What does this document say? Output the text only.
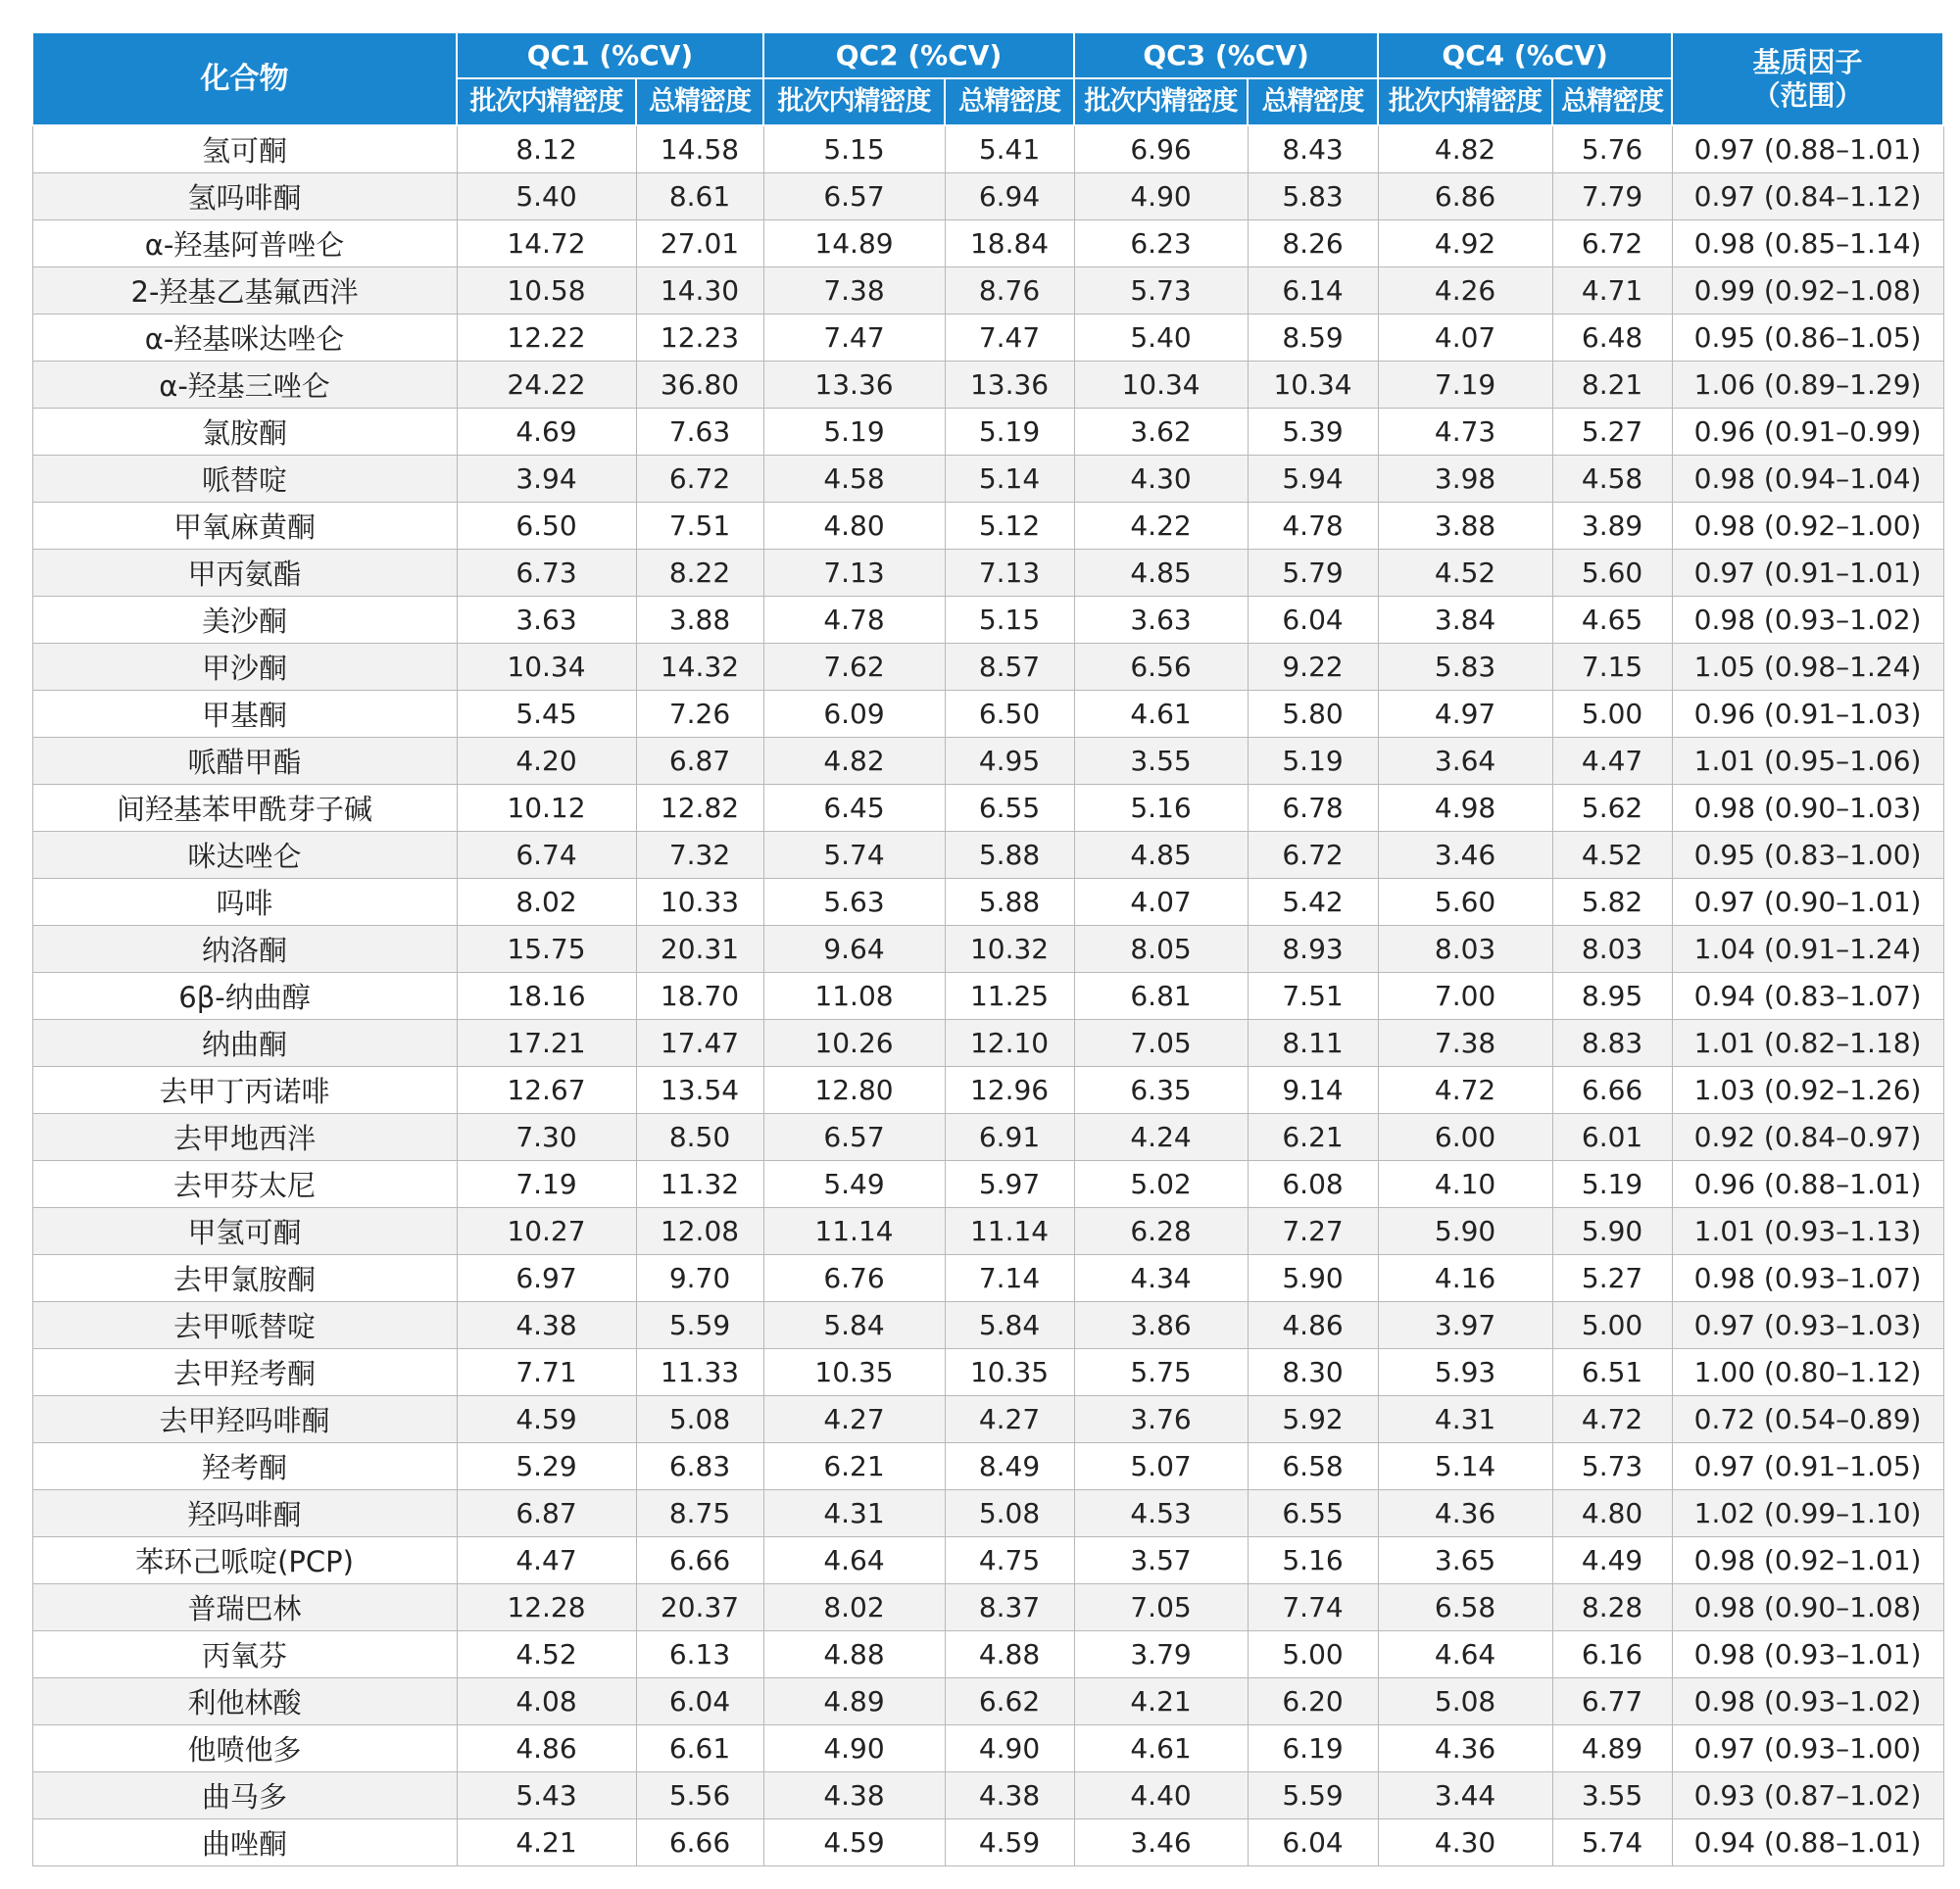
化合物	QC1 (%CV)		QC2 (%CV)		QC3 (%CV)		QC4 (%CV)		基质因子
（范围）

	批次内精密度	总精密度	批次内精密度	总精密度	批次内精密度	总精密度	批次内精密度	总精密度	
氢可酮	8.12	14.58	5.15	5.41	6.96	8.43	4.82	5.76	0.97 (0.88–1.01)
氢吗啡酮	5.40	8.61	6.57	6.94	4.90	5.83	6.86	7.79	0.97 (0.84–1.12)
α-羟基阿普唑仑	14.72	27.01	14.89	18.84	6.23	8.26	4.92	6.72	0.98 (0.85–1.14)
2-羟基乙基氟西泮	10.58	14.30	7.38	8.76	5.73	6.14	4.26	4.71	0.99 (0.92–1.08)
α-羟基咪达唑仑	12.22	12.23	7.47	7.47	5.40	8.59	4.07	6.48	0.95 (0.86–1.05)
α-羟基三唑仑	24.22	36.80	13.36	13.36	10.34	10.34	7.19	8.21	1.06 (0.89–1.29)
氯胺酮	4.69	7.63	5.19	5.19	3.62	5.39	4.73	5.27	0.96 (0.91–0.99)
哌替啶	3.94	6.72	4.58	5.14	4.30	5.94	3.98	4.58	0.98 (0.94–1.04)
甲氧麻黄酮	6.50	7.51	4.80	5.12	4.22	4.78	3.88	3.89	0.98 (0.92–1.00)
甲丙氨酯	6.73	8.22	7.13	7.13	4.85	5.79	4.52	5.60	0.97 (0.91–1.01)
美沙酮	3.63	3.88	4.78	5.15	3.63	6.04	3.84	4.65	0.98 (0.93–1.02)
甲沙酮	10.34	14.32	7.62	8.57	6.56	9.22	5.83	7.15	1.05 (0.98–1.24)
甲基酮	5.45	7.26	6.09	6.50	4.61	5.80	4.97	5.00	0.96 (0.91–1.03)
哌醋甲酯	4.20	6.87	4.82	4.95	3.55	5.19	3.64	4.47	1.01 (0.95–1.06)
间羟基苯甲酰芽子碱	10.12	12.82	6.45	6.55	5.16	6.78	4.98	5.62	0.98 (0.90–1.03)
咪达唑仑	6.74	7.32	5.74	5.88	4.85	6.72	3.46	4.52	0.95 (0.83–1.00)
吗啡	8.02	10.33	5.63	5.88	4.07	5.42	5.60	5.82	0.97 (0.90–1.01)
纳洛酮	15.75	20.31	9.64	10.32	8.05	8.93	8.03	8.03	1.04 (0.91–1.24)
6β-纳曲醇	18.16	18.70	11.08	11.25	6.81	7.51	7.00	8.95	0.94 (0.83–1.07)
纳曲酮	17.21	17.47	10.26	12.10	7.05	8.11	7.38	8.83	1.01 (0.82–1.18)
去甲丁丙诺啡	12.67	13.54	12.80	12.96	6.35	9.14	4.72	6.66	1.03 (0.92–1.26)
去甲地西泮	7.30	8.50	6.57	6.91	4.24	6.21	6.00	6.01	0.92 (0.84–0.97)
去甲芬太尼	7.19	11.32	5.49	5.97	5.02	6.08	4.10	5.19	0.96 (0.88–1.01)
甲氢可酮	10.27	12.08	11.14	11.14	6.28	7.27	5.90	5.90	1.01 (0.93–1.13)
去甲氯胺酮	6.97	9.70	6.76	7.14	4.34	5.90	4.16	5.27	0.98 (0.93–1.07)
去甲哌替啶	4.38	5.59	5.84	5.84	3.86	4.86	3.97	5.00	0.97 (0.93–1.03)
去甲羟考酮	7.71	11.33	10.35	10.35	5.75	8.30	5.93	6.51	1.00 (0.80–1.12)
去甲羟吗啡酮	4.59	5.08	4.27	4.27	3.76	5.92	4.31	4.72	0.72 (0.54–0.89)
羟考酮	5.29	6.83	6.21	8.49	5.07	6.58	5.14	5.73	0.97 (0.91–1.05)
羟吗啡酮	6.87	8.75	4.31	5.08	4.53	6.55	4.36	4.80	1.02 (0.99–1.10)
苯环己哌啶(PCP)	4.47	6.66	4.64	4.75	3.57	5.16	3.65	4.49	0.98 (0.92–1.01)
普瑞巴林	12.28	20.37	8.02	8.37	7.05	7.74	6.58	8.28	0.98 (0.90–1.08)
丙氧芬	4.52	6.13	4.88	4.88	3.79	5.00	4.64	6.16	0.98 (0.93–1.01)
利他林酸	4.08	6.04	4.89	6.62	4.21	6.20	5.08	6.77	0.98 (0.93–1.02)
他喷他多	4.86	6.61	4.90	4.90	4.61	6.19	4.36	4.89	0.97 (0.93–1.00)
曲马多	5.43	5.56	4.38	4.38	4.40	5.59	3.44	3.55	0.93 (0.87–1.02)
曲唑酮	4.21	6.66	4.59	4.59	3.46	6.04	4.30	5.74	0.94 (0.88–1.01)
